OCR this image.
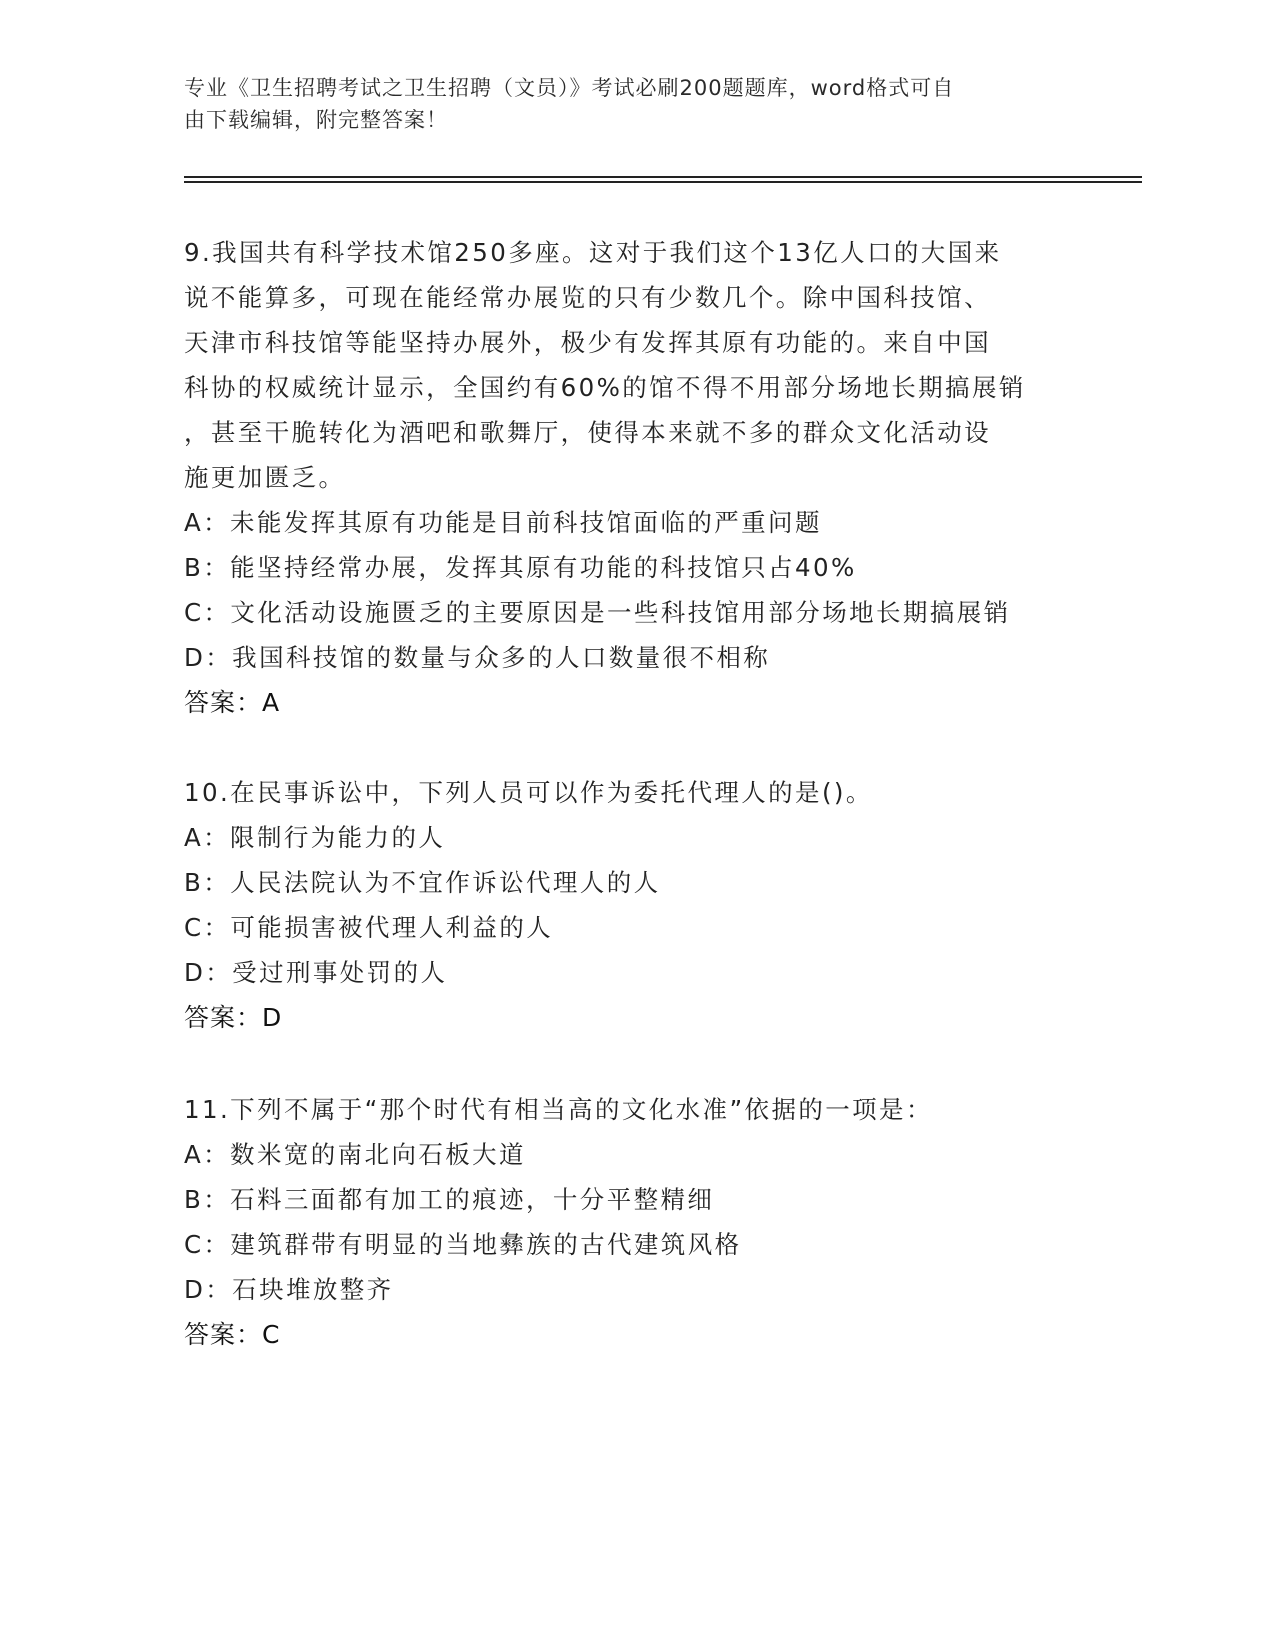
专业《卫生招聘考试之卫生招聘（文员）》考试必刷200题题库，word格式可自
由下载编辑，附完整答案！
9.我国共有科学技术馆250多座。这对于我们这个13亿人口的大国来
说不能算多，可现在能经常办展览的只有少数几个。除中国科技馆、
天津市科技馆等能坚持办展外，极少有发挥其原有功能的。来自中国
科协的权威统计显示，全国约有60%的馆不得不用部分场地长期搞展销
，甚至干脆转化为酒吧和歌舞厅，使得本来就不多的群众文化活动设
施更加匮乏。
A：未能发挥其原有功能是目前科技馆面临的严重问题
B：能坚持经常办展，发挥其原有功能的科技馆只占40%
C：文化活动设施匮乏的主要原因是一些科技馆用部分场地长期搞展销
D：我国科技馆的数量与众多的人口数量很不相称
答案：A
10.在民事诉讼中，下列人员可以作为委托代理人的是()。
A：限制行为能力的人
B：人民法院认为不宜作诉讼代理人的人
C：可能损害被代理人利益的人
D：受过刑事处罚的人
答案：D
11.下列不属于“那个时代有相当高的文化水准”依据的一项是：
A：数米宽的南北向石板大道
B：石料三面都有加工的痕迹，十分平整精细
C：建筑群带有明显的当地彝族的古代建筑风格
D：石块堆放整齐
答案：C
